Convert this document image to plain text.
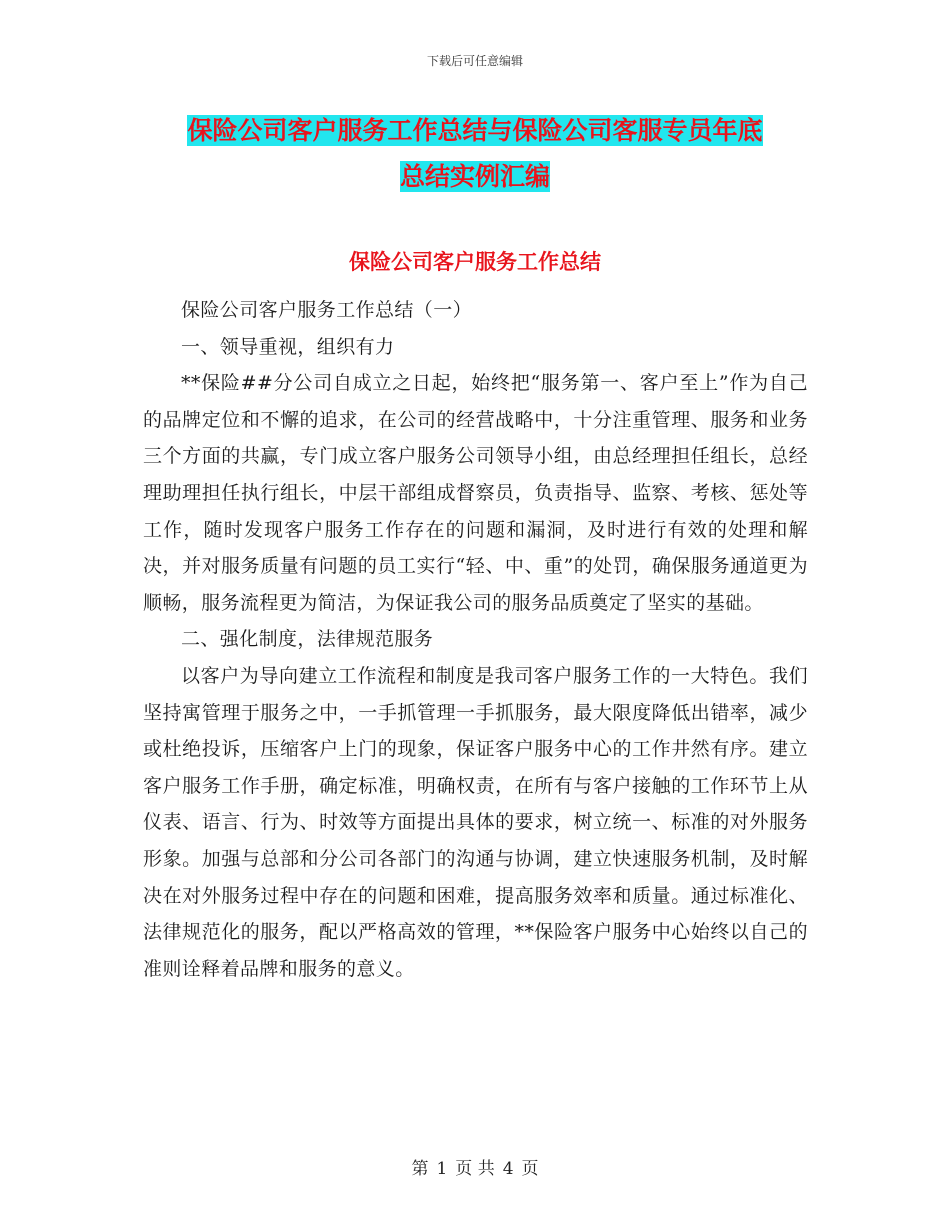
下载后可任意编辑
保险公司客户服务工作总结与保险公司客服专员年底
总结实例汇编
保险公司客户服务工作总结

保险公司客户服务工作总结（一）

一、领导重视，组织有力

**保险##分公司自成立之日起，始终把“服务第一、客户至上”作为自己的品牌定位和不懈的追求，在公司的经营战略中，十分注重管理、服务和业务三个方面的共赢，专门成立客户服务公司领导小组，由总经理担任组长，总经理助理担任执行组长，中层干部组成督察员，负责指导、监察、考核、惩处等工作，随时发现客户服务工作存在的问题和漏洞，及时进行有效的处理和解决，并对服务质量有问题的员工实行“轻、中、重”的处罚，确保服务通道更为顺畅，服务流程更为简洁，为保证我公司的服务品质奠定了坚实的基础。

二、强化制度，法律规范服务

以客户为导向建立工作流程和制度是我司客户服务工作的一大特色。我们坚持寓管理于服务之中，一手抓管理一手抓服务，最大限度降低出错率，减少或杜绝投诉，压缩客户上门的现象，保证客户服务中心的工作井然有序。建立客户服务工作手册，确定标准，明确权责，在所有与客户接触的工作环节上从仪表、语言、行为、时效等方面提出具体的要求，树立统一、标准的对外服务形象。加强与总部和分公司各部门的沟通与协调，建立快速服务机制，及时解决在对外服务过程中存在的问题和困难，提高服务效率和质量。通过标准化、法律规范化的服务，配以严格高效的管理，**保险客户服务中心始终以自己的准则诠释着品牌和服务的意义。

第 1 页 共 4 页
